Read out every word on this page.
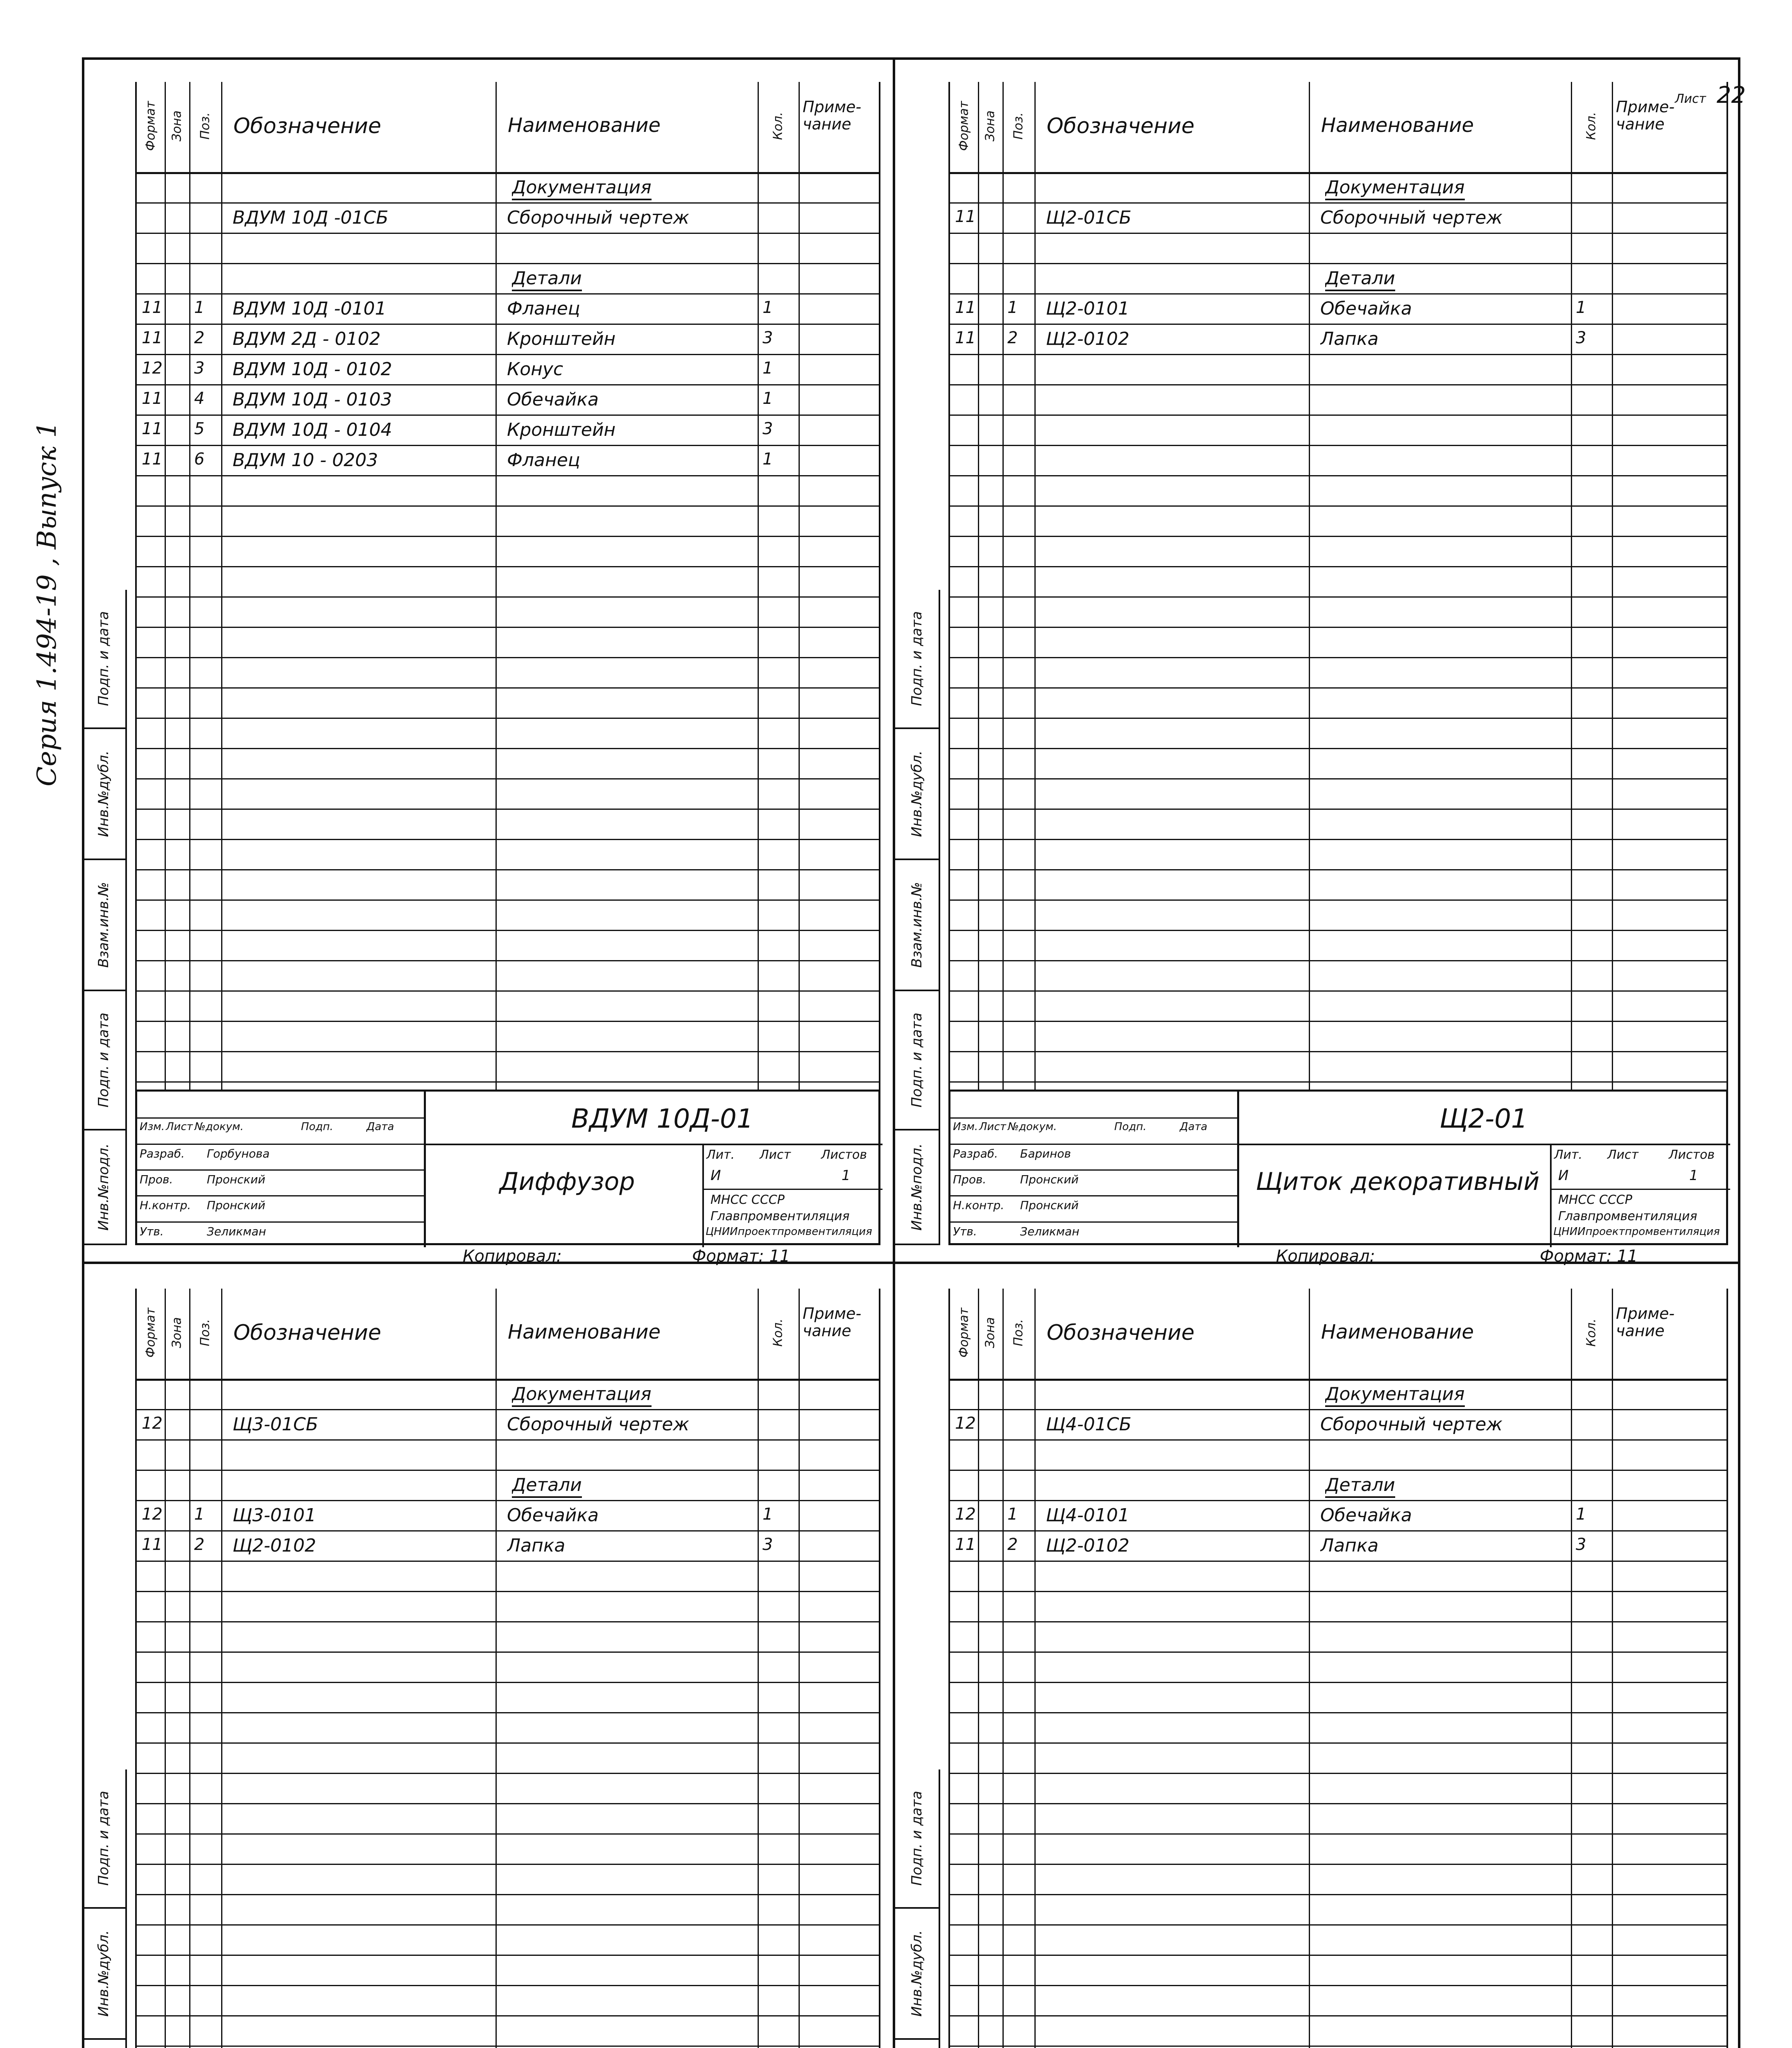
Серия 1.494-19 , Выпуск 1
Лист 22
Инв.№подл.
Подп. и дата
Взам.инв.№
Инв.№дубл.
Подп. и дата
Формат Зона Поз. Обозначение	Наименование	Кол.
Приме-
чание
Документация
ВДУМ 10Д -01СБ	Сборочный чертеж
Детали
11 1	ВДУМ 10Д -0101	Фланец	1
11 2	ВДУМ 2Д - 0102	Кронштейн	3
12 3	ВДУМ 10Д - 0102	Конус	1
11 4	ВДУМ 10Д - 0103	Обечайка	1
11 5	ВДУМ 10Д - 0104	Кронштейн	3
11 6	ВДУМ 10 - 0203	Фланец	1
Изм. Лист №докум.	Подп.	Дата
Разраб. Горбунова
Пров.	Пронский
Н.контр. Пронский
Утв.	Зеликман
ВДУМ 10Д-01
Диффузор
Лит. Лист Листов
И	1
МНСС СССР
Главпромвентиляция
ЦНИИпроектпромвентиляция
Копировал:	Формат: 11
Инв.№подл.
Подп. и дата
Взам.инв.№
Инв.№дубл.
Подп. и дата
Формат Зона Поз. Обозначение	Наименование	Кол.
Приме-
чание
Документация
11	Щ2-01СБ	Сборочный чертеж
Детали
11 1	Щ2-0101	Обечайка	1
11 2	Щ2-0102	Лапка	3
Изм. Лист №докум.	Подп.	Дата
Разраб. Баринов
Пров.	Пронский
Н.контр. Пронский
Утв.	Зеликман
Щ2-01
Щиток декоративный
Лит. Лист Листов
И	1
МНСС СССР
Главпромвентиляция
ЦНИИпроектпромвентиляция
Копировал:	Формат: 11
Инв.№дубл.
Подп. и дата
Формат Зона Поз. Обозначение	Наименование	Кол.
Приме-
чание
Документация
12	Щ3-01СБ	Сборочный чертеж
Детали
12 1	Щ3-0101	Обечайка	1
11 2	Щ2-0102	Лапка	3
Инв.№дубл.
Подп. и дата
Формат Зона Поз. Обозначение	Наименование	Кол.
Приме-
чание
Документация
12	Щ4-01СБ	Сборочный чертеж
Детали
12 1	Щ4-0101	Обечайка	1
11 2	Щ2-0102	Лапка	3
